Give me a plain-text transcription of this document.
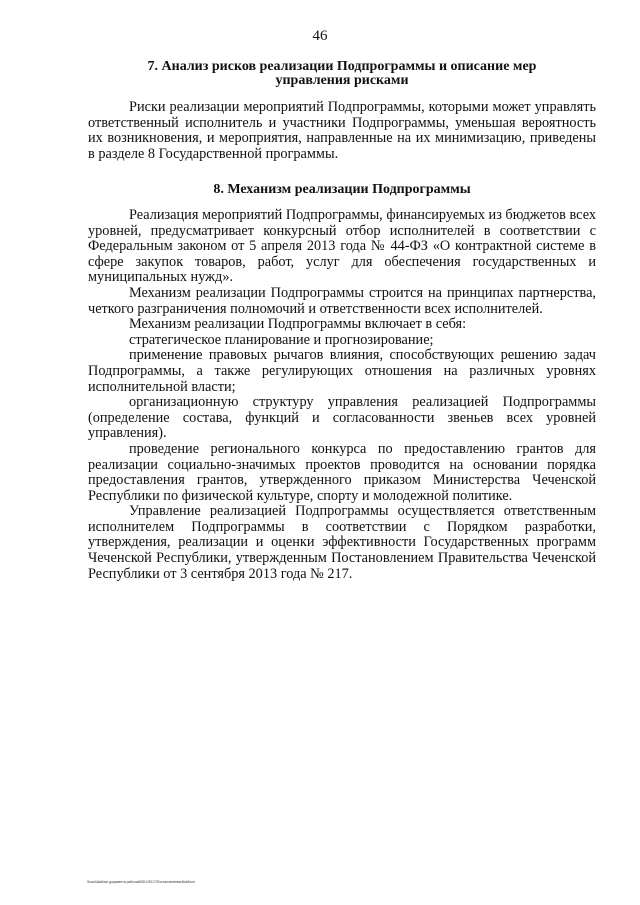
46

7. Анализ рисков реализации Подпрограммы и описание мер

управления рисками

Риски реализации мероприятий Подпрограммы, которыми может управлять ответственный исполнитель и участники Подпрограммы, уменьшая вероятность их возникновения, и мероприятия, направленные на их минимизацию, приведены в разделе 8 Государственной программы.

8. Механизм реализации Подпрограммы

Реализация мероприятий Подпрограммы, финансируемых из бюджетов всех уровней, предусматривает конкурсный отбор исполнителей в соответствии с Федеральным законом от 5 апреля 2013 года № 44-ФЗ «О контрактной системе в сфере закупок товаров, работ, услуг для обеспечения государственных и муниципальных нужд».

Механизм реализации Подпрограммы строится на принципах партнерства, четкого разграничения полномочий и ответственности всех исполнителей.

Механизм реализации Подпрограммы включает в себя:

стратегическое планирование и прогнозирование;

применение правовых рычагов влияния, способствующих решению задач Подпрограммы, а также регулирующих отношения на различных уровнях исполнительной власти;

организационную структуру управления реализацией Подпрограммы (определение состава, функций и согласованности звеньев всех уровней управления).

проведение регионального конкурса по предоставлению грантов для реализации социально-значимых проектов проводится на основании порядка предоставления грантов, утвержденного приказом Министерства Чеченской Республики по физической культуре, спорту и молодежной политике.

Управление реализацией Подпрограммы осуществляется ответственным исполнителем Подпрограммы в соответствии с Порядком разработки, утверждения, реализации и оценки эффективности Государственных программ Чеченской Республики, утвержденным Постановлением Правительства Чеченской Республики от 3 сентября 2013 года № 217.

Scan/Шаблон документа рабочий/ОКУ/2017/Постановление/Шаблон
